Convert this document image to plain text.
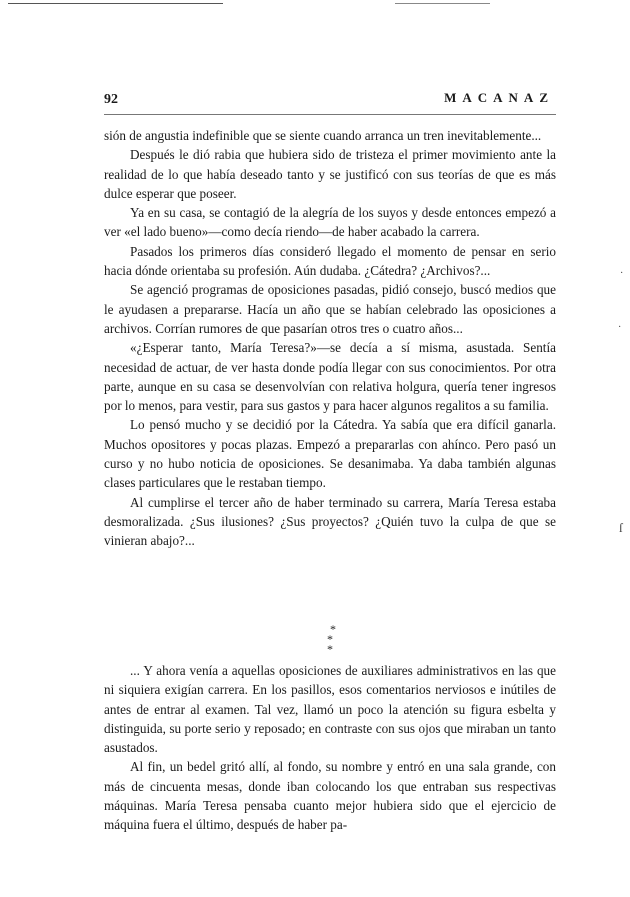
92	MACANAZ

sión de angustia indefinible que se siente cuando arranca un tren inevitablemente...

Después le dió rabia que hubiera sido de tristeza el primer movimiento ante la realidad de lo que había deseado tanto y se justificó con sus teorías de que es más dulce esperar que poseer.

Ya en su casa, se contagió de la alegría de los suyos y desde entonces empezó a ver «el lado bueno»—como decía riendo—de haber acabado la carrera.

Pasados los primeros días consideró llegado el momento de pensar en serio hacia dónde orientaba su profesión. Aún dudaba. ¿Cátedra? ¿Archivos?...

Se agenció programas de oposiciones pasadas, pidió consejo, buscó medios que le ayudasen a prepararse. Hacía un año que se habían celebrado las oposiciones a archivos. Corrían rumores de que pasarían otros tres o cuatro años...

«¿Esperar tanto, María Teresa?»—se decía a sí misma, asustada. Sentía necesidad de actuar, de ver hasta donde podía llegar con sus conocimientos. Por otra parte, aunque en su casa se desenvolvían con relativa holgura, quería tener ingresos por lo menos, para vestir, para sus gastos y para hacer algunos regalitos a su familia.

Lo pensó mucho y se decidió por la Cátedra. Ya sabía que era difícil ganarla. Muchos opositores y pocas plazas. Empezó a prepararlas con ahínco. Pero pasó un curso y no hubo noticia de oposiciones. Se desanimaba. Ya daba también algunas clases particulares que le restaban tiempo.

Al cumplirse el tercer año de haber terminado su carrera, María Teresa estaba desmoralizada. ¿Sus ilusiones? ¿Sus proyectos? ¿Quién tuvo la culpa de que se vinieran abajo?...

*
* *

... Y ahora venía a aquellas oposiciones de auxiliares administrativos en las que ni siquiera exigían carrera. En los pasillos, esos comentarios nerviosos e inútiles de antes de entrar al examen. Tal vez, llamó un poco la atención su figura esbelta y distinguida, su porte serio y reposado; en contraste con sus ojos que miraban un tanto asustados.

Al fin, un bedel gritó allí, al fondo, su nombre y entró en una sala grande, con más de cincuenta mesas, donde iban colocando los que entraban sus respectivas máquinas. María Teresa pensaba cuanto mejor hubiera sido que el ejercicio de máquina fuera el último, después de haber pa-

·
·
ſ
